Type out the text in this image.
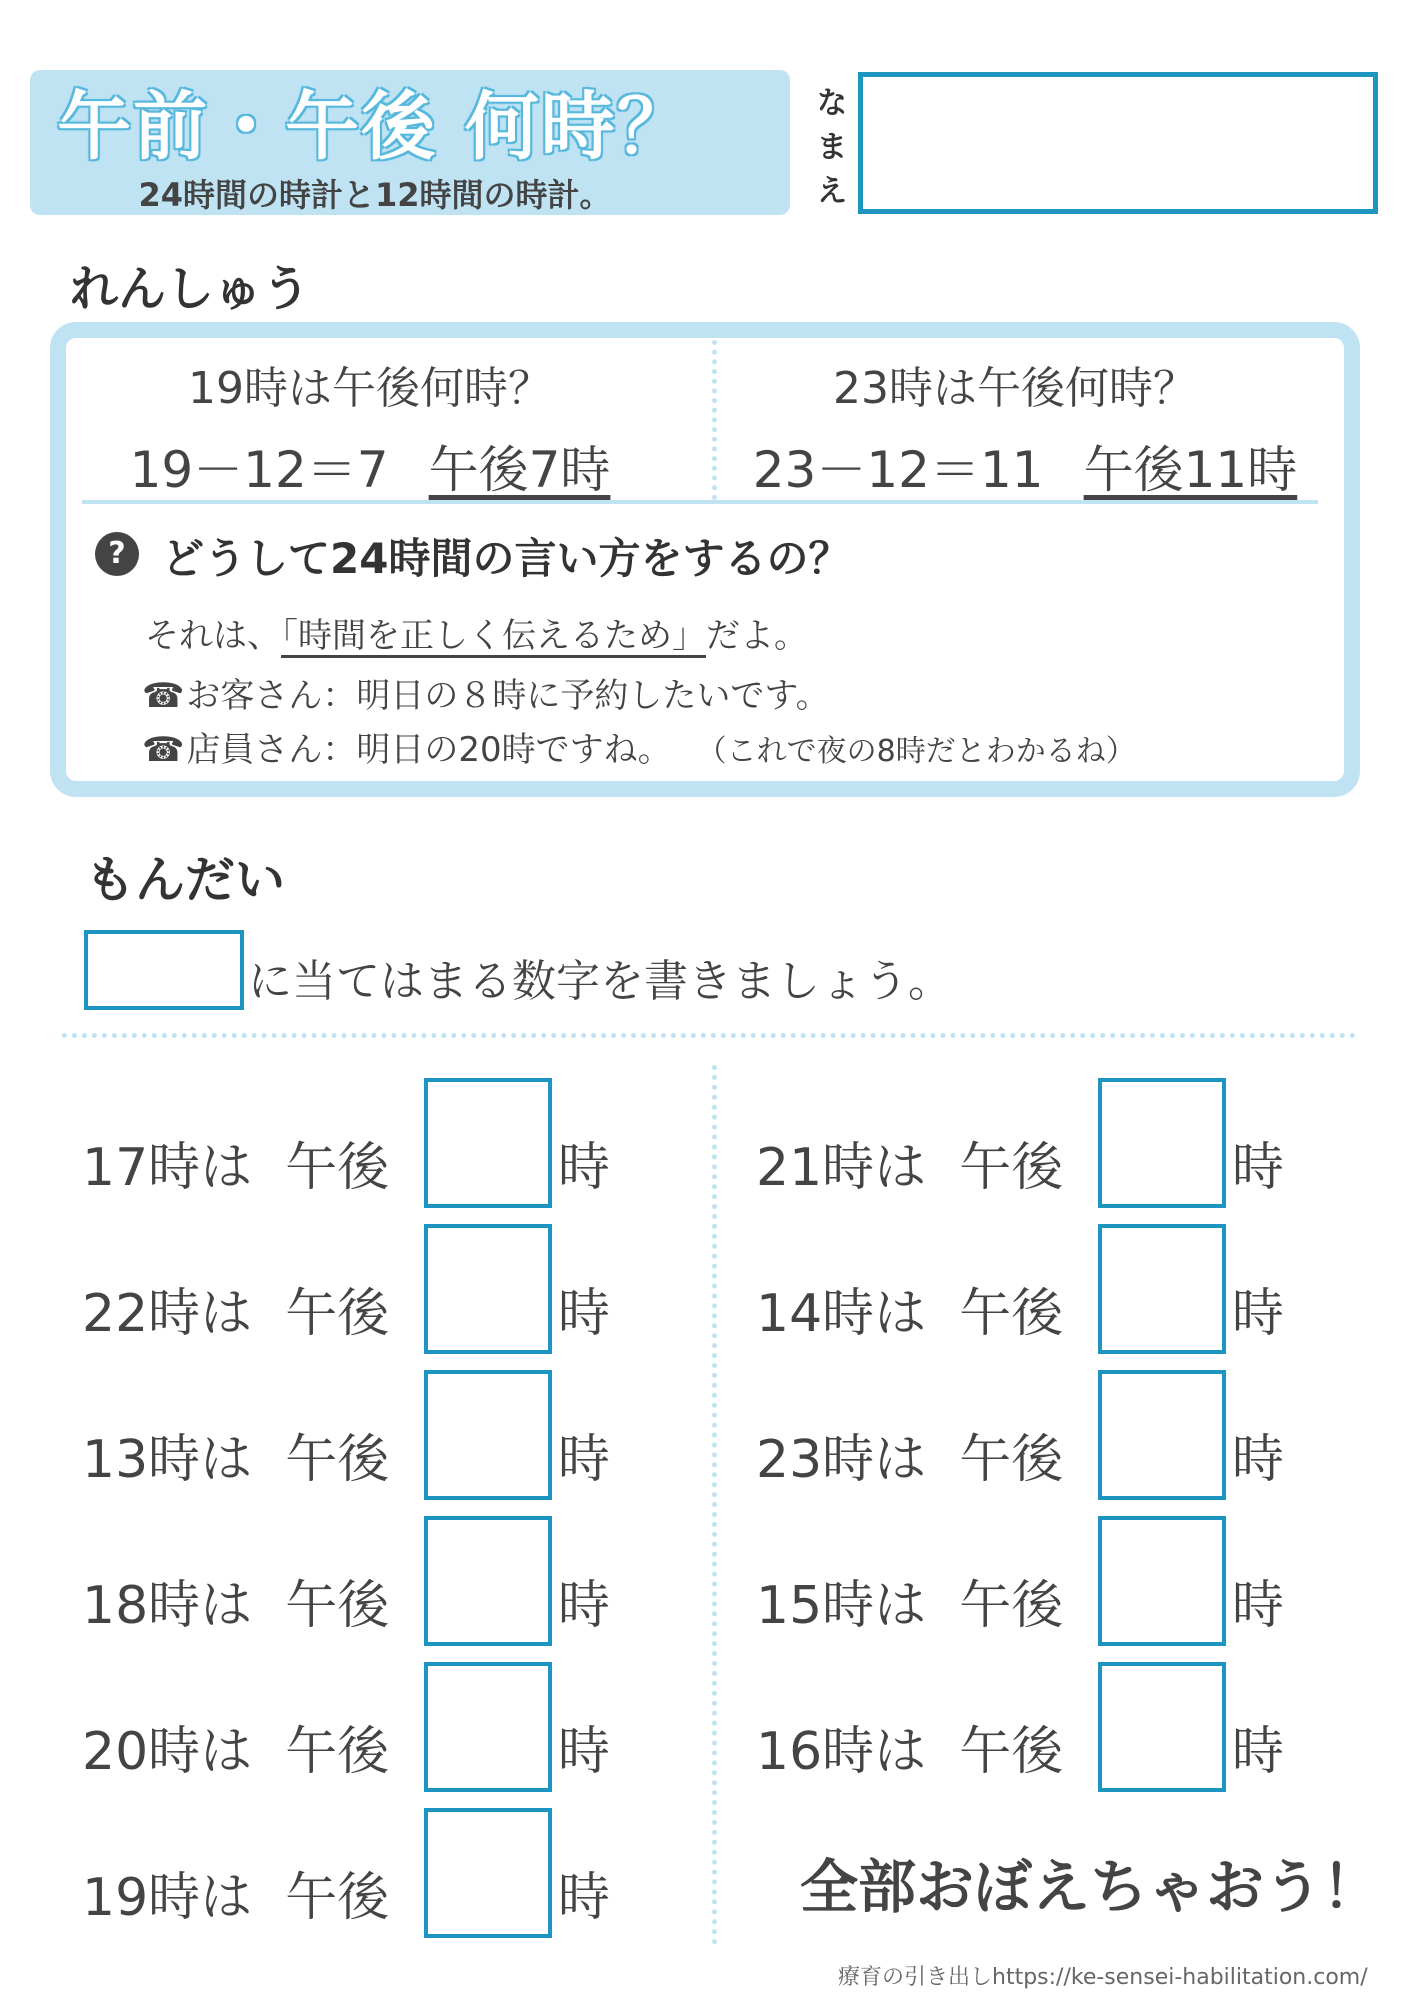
午前・午後 何時？
24時間の時計と12時間の時計。
なまえ
れんしゅう
19時は午後何時？
19－12＝7 午後7時
23時は午後何時？
23－12＝11 午後11時
? どうして24時間の言い方をするの？
それは、「時間を正しく伝えるため」だよ。
☎お客さん：明日の８時に予約したいです。
☎店員さん：明日の20時ですね。 （これで夜の8時だとわかるね）
もんだい
に当てはまる数字を書きましょう。
17時は 午後	時
22時は 午後	時
13時は 午後	時
18時は 午後	時
20時は 午後	時
19時は 午後	時
21時は 午後	時
14時は 午後	時
23時は 午後	時
15時は 午後	時
16時は 午後	時
全部おぼえちゃおう！
療育の引き出しhttps://ke-sensei-habilitation.com/
